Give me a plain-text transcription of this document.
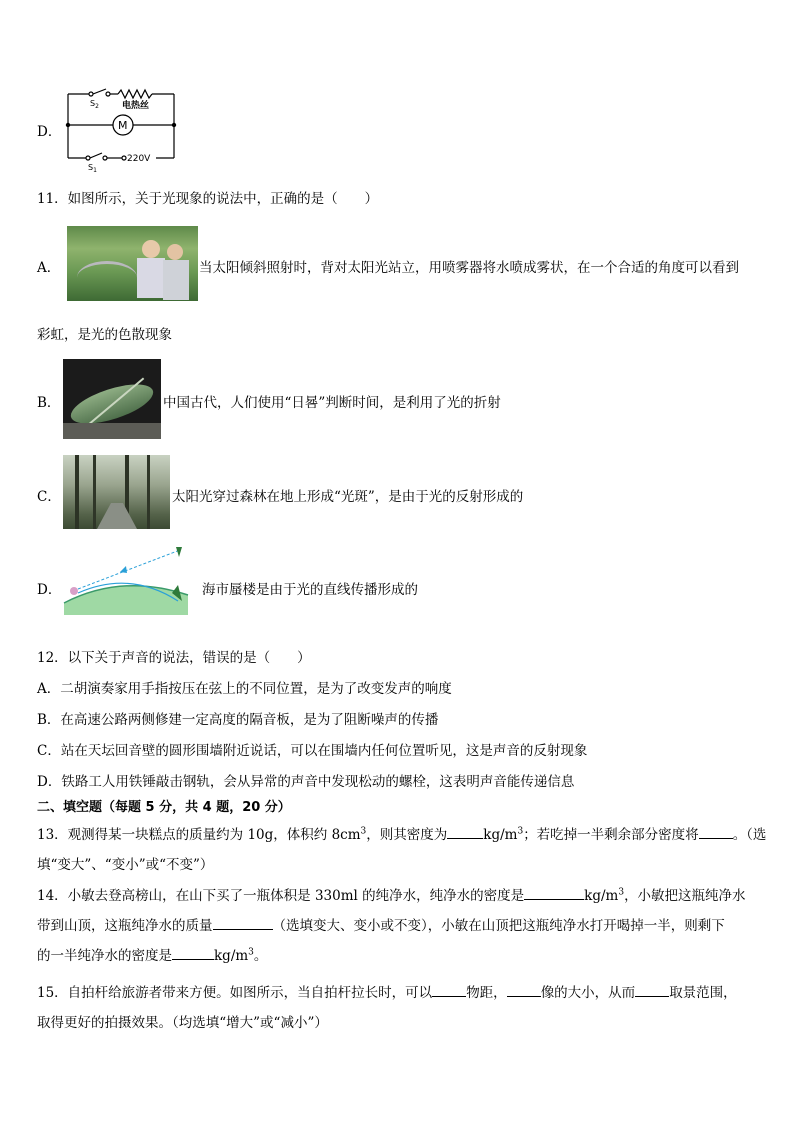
D．
$S_2$	电热丝
M
$S_1$
220V
11．如图所示，关于光现象的说法中，正确的是（　　）
A．	当太阳倾斜照射时，背对太阳光站立，用喷雾器将水喷成雾状，在一个合适的角度可以看到
彩虹，是光的色散现象
B．	中国古代，人们使用“日晷”判断时间，是利用了光的折射
C．	太阳光穿过森林在地上形成“光斑”，是由于光的反射形成的
D．	海市蜃楼是由于光的直线传播形成的
12．以下关于声音的说法，错误的是（　　）
A．二胡演奏家用手指按压在弦上的不同位置，是为了改变发声的响度
B．在高速公路两侧修建一定高度的隔音板，是为了阻断噪声的传播
C．站在天坛回音壁的圆形围墙附近说话，可以在围墙内任何位置听见，这是声音的反射现象
D．铁路工人用铁锤敲击钢轨，会从异常的声音中发现松动的螺栓，这表明声音能传递信息
二、填空题（每题 5 分，共 4 题，20 分）
13．观测得某一块糕点的质量约为 10g，体积约 $8cm^3$，则其密度为	$kg/m^3$；若吃掉一半剩余部分密度将	。（选
填“变大”、“变小”或“不变”）
14．小敏去登高榜山，在山下买了一瓶体积是 330ml 的纯净水，纯净水的密度是	$kg/m^3$，小敏把这瓶纯净水
带到山顶，这瓶纯净水的质量	（选填变大、变小或不变），小敏在山顶把这瓶纯净水打开喝掉一半，则剩下
的一半纯净水的密度是	$kg/m^3$。
15．自拍杆给旅游者带来方便。如图所示，当自拍杆拉长时，可以	物距，	像的大小，从而	取景范围，
取得更好的拍摄效果。（均选填“增大”或“减小”）
